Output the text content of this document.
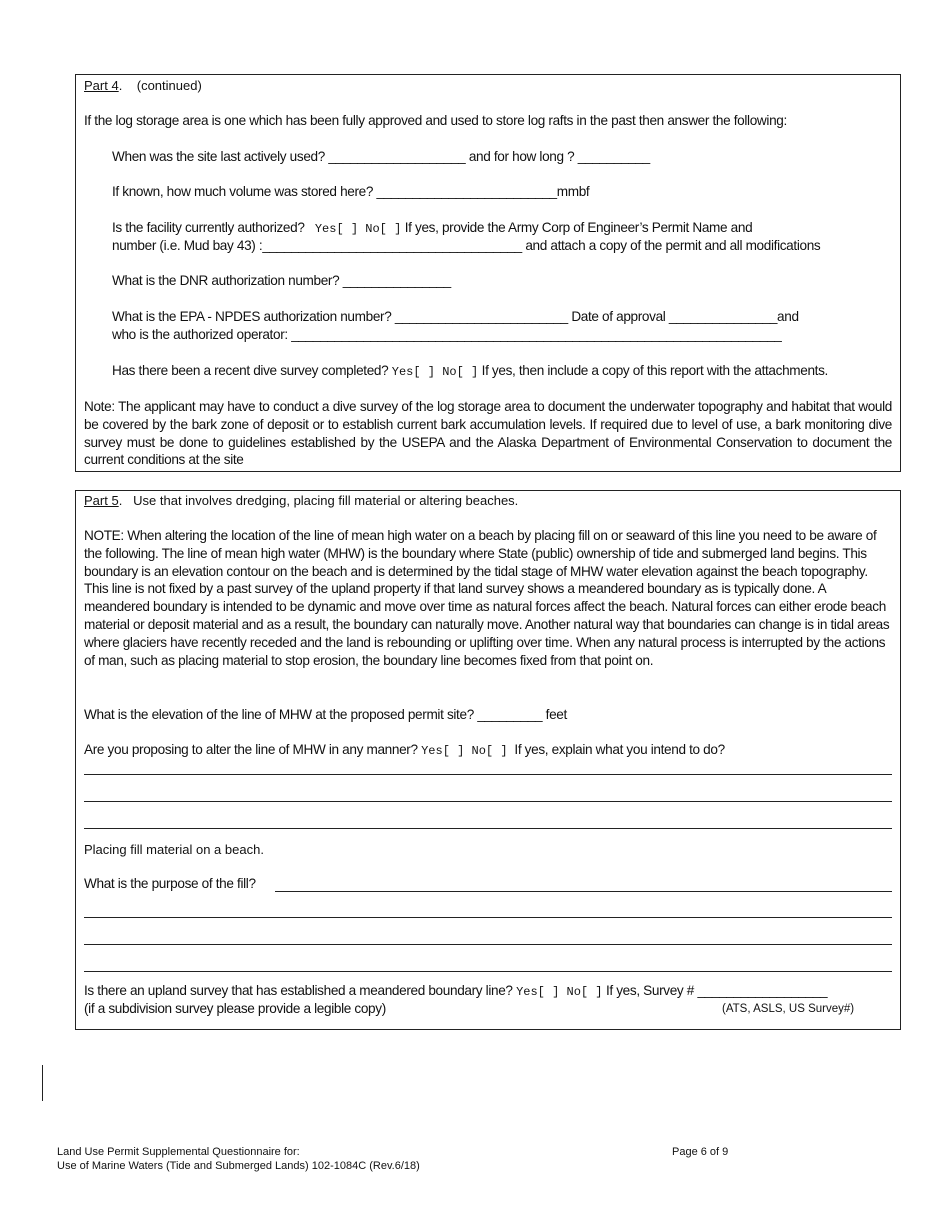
Part 4.    (continued)
If the log storage area is one which has been fully approved and used to store log rafts in the past then answer the following:
When was the site last actively used? ___________________ and for how long ? __________
If known, how much volume was stored here? _________________________mmbf
Is the facility currently authorized? Yes[ ] No[ ] If yes, provide the Army Corp of Engineer’s Permit Name and
number (i.e. Mud bay 43) :____________________________________ and attach a copy of the permit and all modifications
What is the DNR authorization number? _______________
What is the EPA - NPDES authorization number? ________________________ Date of approval _______________and
who is the authorized operator: ____________________________________________________________________
Has there been a recent dive survey completed? Yes[ ] No[ ] If yes, then include a copy of this report with the attachments.
Note: The applicant may have to conduct a dive survey of the log storage area to document the underwater topography and habitat that would be covered by the bark zone of deposit or to establish current bark accumulation levels. If required due to level of use, a bark monitoring dive survey must be done to guidelines established by the USEPA and the Alaska Department of Environmental Conservation to document the current conditions at the site
Part 5.   Use that involves dredging, placing fill material or altering beaches.
NOTE: When altering the location of the line of mean high water on a beach by placing fill on or seaward of this line you need to be aware of the following. The line of mean high water (MHW) is the boundary where State (public) ownership of tide and submerged land begins. This boundary is an elevation contour on the beach and is determined by the tidal stage of MHW water elevation against the beach topography. This line is not fixed by a past survey of the upland property if that land survey shows a meandered boundary as is typically done. A meandered boundary is intended to be dynamic and move over time as natural forces affect the beach. Natural forces can either erode beach material or deposit material and as a result, the boundary can naturally move. Another natural way that boundaries can change is in tidal areas where glaciers have recently receded and the land is rebounding or uplifting over time. When any natural process is interrupted by the actions of man, such as placing material to stop erosion, the boundary line becomes fixed from that point on.
What is the elevation of the line of MHW at the proposed permit site? _________ feet
Are you proposing to alter the line of MHW in any manner? Yes[ ] No[ ] If yes, explain what you intend to do?
Placing fill material on a beach.
What is the purpose of the fill?
Is there an upland survey that has established a meandered boundary line? Yes[ ] No[ ] If yes, Survey # __________________
(if a subdivision survey please provide a legible copy)	(ATS, ASLS, US Survey#)
Land Use Permit Supplemental Questionnaire for:
Use of Marine Waters (Tide and Submerged Lands) 102-1084C (Rev.6/18)
Page 6 of 9
